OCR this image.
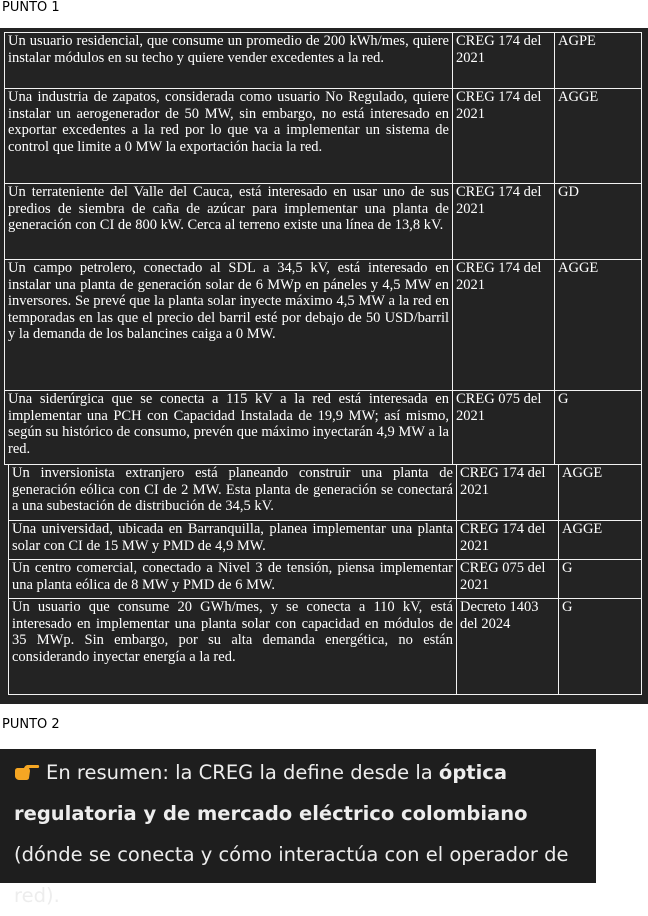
PUNTO 1
Un usuario residencial, que consume un promedio de 200 kWh/mes, quiere instalar módulos en su techo y quiere vender excedentes a la red.	CREG 174 del 2021	AGPE
Una industria de zapatos, considerada como usuario No Regulado, quiere instalar un aerogenerador de 50 MW, sin embargo, no está interesado en exportar excedentes a la red por lo que va a implementar un sistema de control que limite a 0 MW la exportación hacia la red.	CREG 174 del 2021	AGGE
Un terrateniente del Valle del Cauca, está interesado en usar uno de sus predios de siembra de caña de azúcar para implementar una planta de generación con CI de 800 kW. Cerca al terreno existe una línea de 13,8 kV.	CREG 174 del 2021	GD
Un campo petrolero, conectado al SDL a 34,5 kV, está interesado en instalar una planta de generación solar de 6 MWp en páneles y 4,5 MW en inversores. Se prevé que la planta solar inyecte máximo 4,5 MW a la red en temporadas en las que el precio del barril esté por debajo de 50 USD/barril y la demanda de los balancines caiga a 0 MW.	CREG 174 del 2021	AGGE
Una siderúrgica que se conecta a 115 kV a la red está interesada en implementar una PCH con Capacidad Instalada de 19,9 MW; así mismo, según su histórico de consumo, prevén que máximo inyectarán 4,9 MW a la red.	CREG 075 del 2021	G
Un inversionista extranjero está planeando construir una planta de generación eólica con CI de 2 MW. Esta planta de generación se conectará a una subestación de distribución de 34,5 kV.	CREG 174 del 2021	AGGE
Una universidad, ubicada en Barranquilla, planea implementar una planta solar con CI de 15 MW y PMD de 4,9 MW.	CREG 174 del 2021	AGGE
Un centro comercial, conectado a Nivel 3 de tensión, piensa implementar una planta eólica de 8 MW y PMD de 6 MW.	CREG 075 del 2021	G
Un usuario que consume 20 GWh/mes, y se conecta a 110 kV, está interesado en implementar una planta solar con capacidad en módulos de 35 MWp. Sin embargo, por su alta demanda energética, no están considerando inyectar energía a la red.	Decreto 1403 del 2024	G
PUNTO 2
En resumen: la CREG la define desde la óptica regulatoria y de mercado eléctrico colombiano (dónde se conecta y cómo interactúa con el operador de red).
